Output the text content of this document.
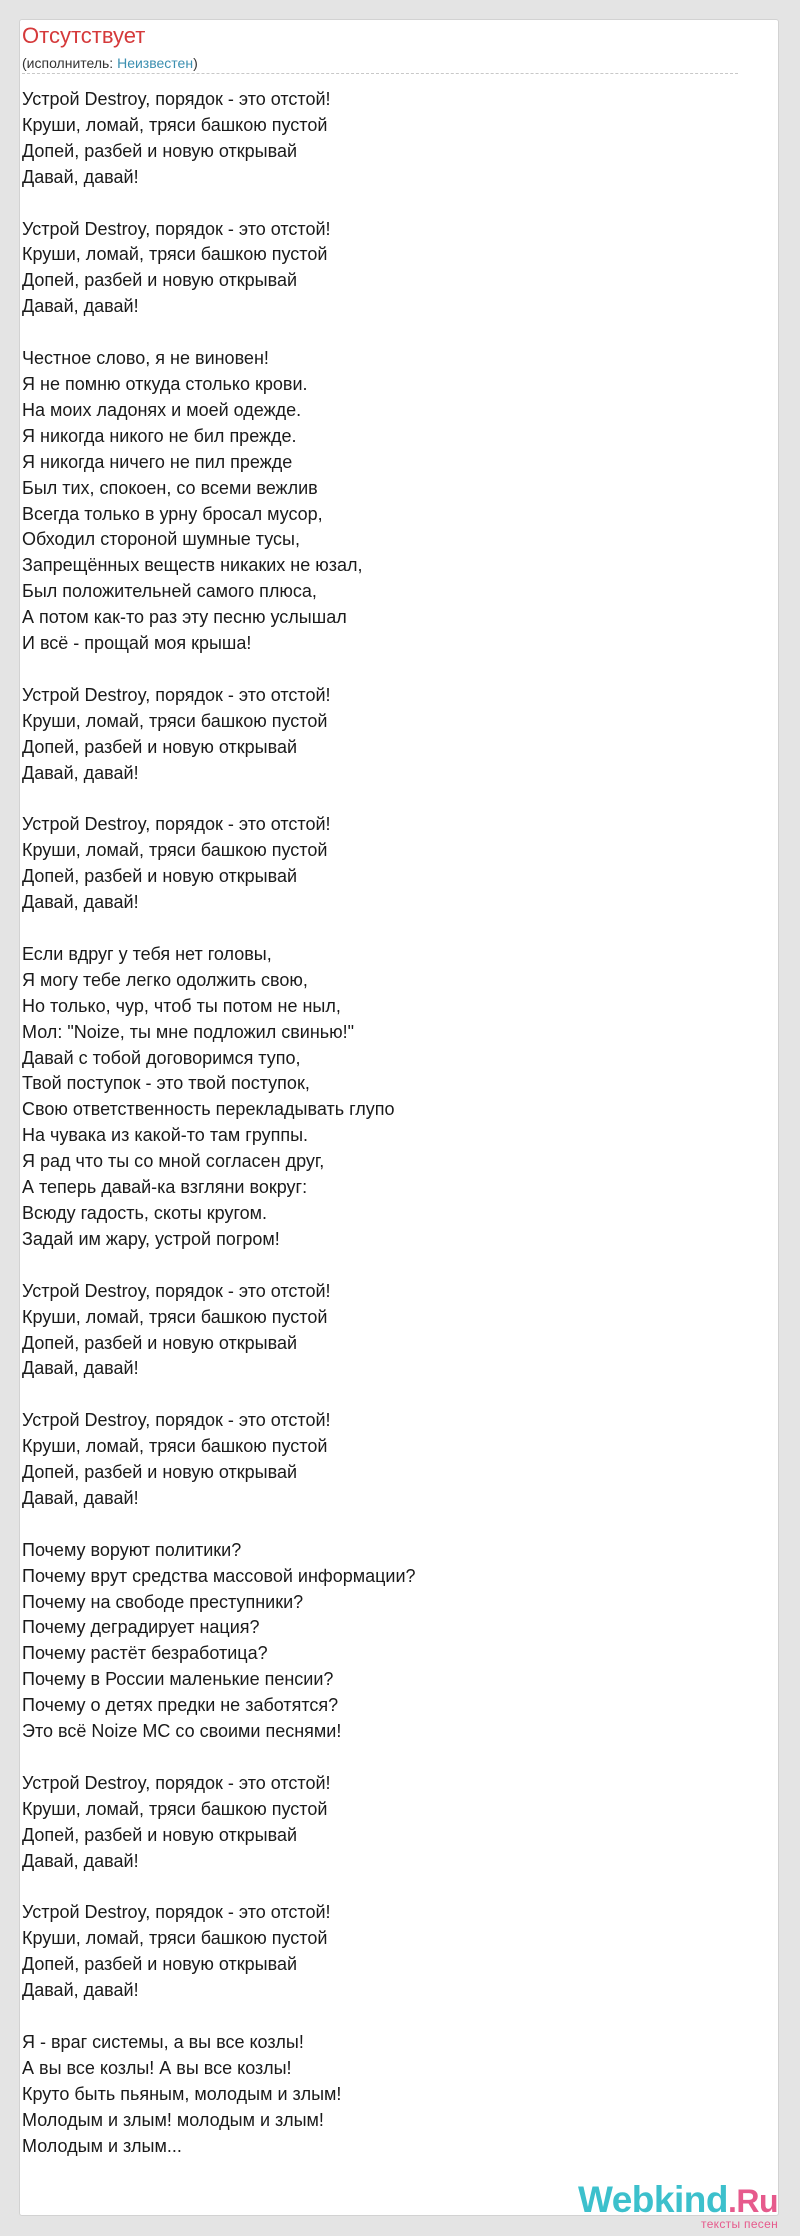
Отсутствует
(исполнитель: Неизвестен)
Устрой Destroy, порядок - это отстой!
Круши, ломай, тряси башкою пустой
Допей, разбей и новую открывай
Давай, давай!

Устрой Destroy, порядок - это отстой!
Круши, ломай, тряси башкою пустой
Допей, разбей и новую открывай
Давай, давай!

Честное слово, я не виновен!
Я не помню откуда столько крови.
На моих ладонях и моей одежде.
Я никогда никого не бил прежде.
Я никогда ничего не пил прежде
Был тих, спокоен, со всеми вежлив
Всегда только в урну бросал мусор,
Обходил стороной шумные тусы,
Запрещённых веществ никаких не юзал,
Был положительней самого плюса,
А потом как-то раз эту песню услышал
И всё - прощай моя крыша!

Устрой Destroy, порядок - это отстой!
Круши, ломай, тряси башкою пустой
Допей, разбей и новую открывай
Давай, давай!

Устрой Destroy, порядок - это отстой!
Круши, ломай, тряси башкою пустой
Допей, разбей и новую открывай
Давай, давай!

Если вдруг у тебя нет головы,
Я могу тебе легко одолжить свою,
Но только, чур, чтоб ты потом не ныл,
Мол: "Noize, ты мне подложил свинью!"
Давай с тобой договоримся тупо,
Твой поступок - это твой поступок,
Свою ответственность перекладывать глупо
На чувака из какой-то там группы.
Я рад что ты со мной согласен друг,
А теперь давай-ка взгляни вокруг:
Всюду гадость, скоты кругом.
Задай им жару, устрой погром!

Устрой Destroy, порядок - это отстой!
Круши, ломай, тряси башкою пустой
Допей, разбей и новую открывай
Давай, давай!

Устрой Destroy, порядок - это отстой!
Круши, ломай, тряси башкою пустой
Допей, разбей и новую открывай
Давай, давай!

Почему воруют политики?
Почему врут средства массовой информации?
Почему на свободе преступники?
Почему деградирует нация?
Почему растёт безработица?
Почему в России маленькие пенсии?
Почему о детях предки не заботятся?
Это всё Noize MC со своими песнями!

Устрой Destroy, порядок - это отстой!
Круши, ломай, тряси башкою пустой
Допей, разбей и новую открывай
Давай, давай!

Устрой Destroy, порядок - это отстой!
Круши, ломай, тряси башкою пустой
Допей, разбей и новую открывай
Давай, давай!

Я - враг системы, а вы все козлы!
А вы все козлы! А вы все козлы!
Круто быть пьяным, молодым и злым!
Молодым и злым! молодым и злым!
Молодым и злым...
Webkind.Ru
тексты песен
